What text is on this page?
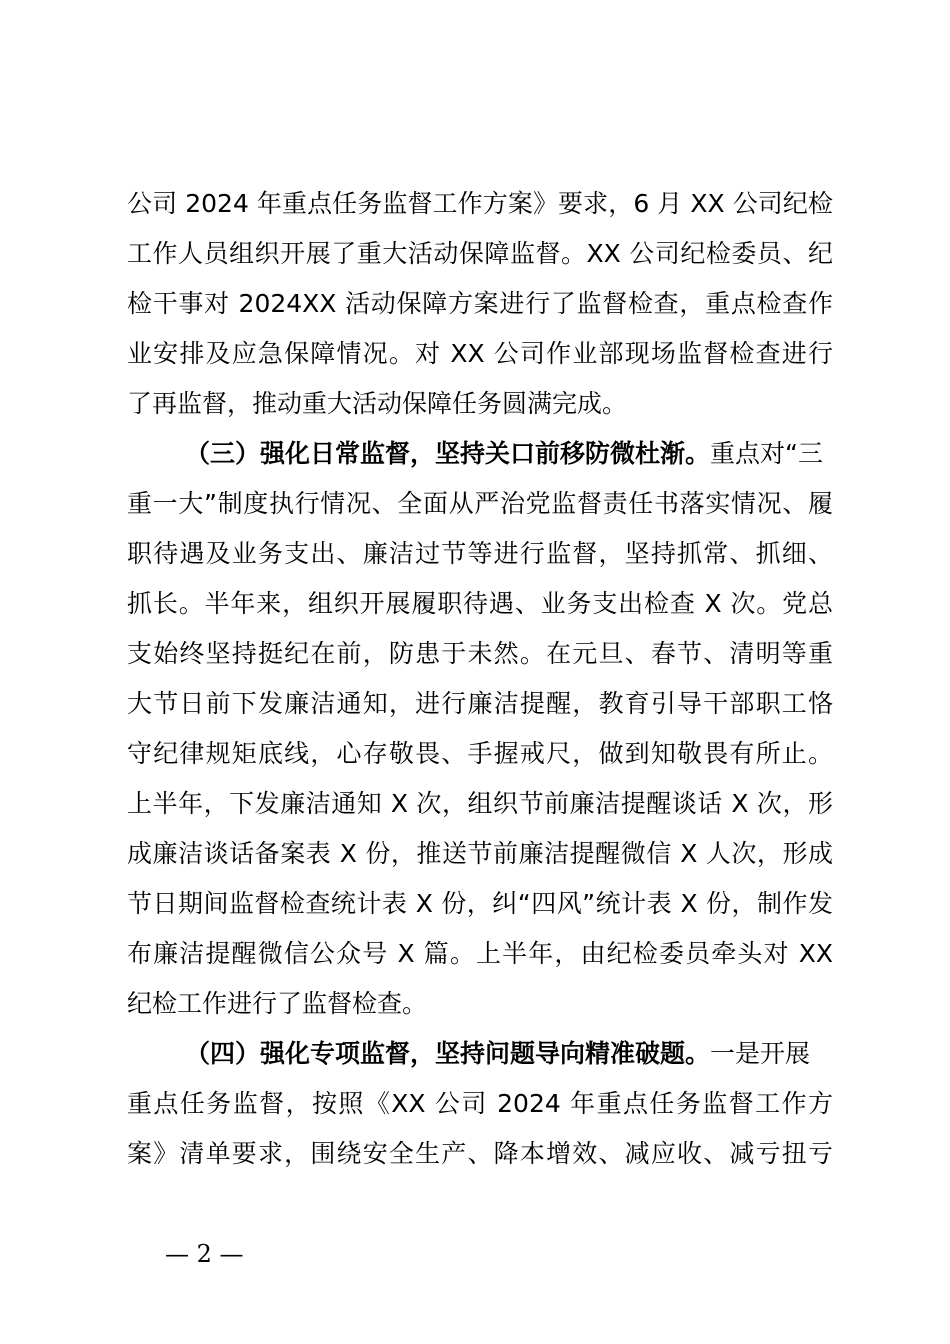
公司 2024 年重点任务监督工作方案》要求，6 月 XX 公司纪检
工作人员组织开展了重大活动保障监督。XX 公司纪检委员、纪
检干事对 2024XX 活动保障方案进行了监督检查，重点检查作
业安排及应急保障情况。对 XX 公司作业部现场监督检查进行
了再监督，推动重大活动保障任务圆满完成。
（三）强化日常监督，坚持关口前移防微杜渐。重点对“三
重一大”制度执行情况、全面从严治党监督责任书落实情况、履
职待遇及业务支出、廉洁过节等进行监督，坚持抓常、抓细、
抓长。半年来，组织开展履职待遇、业务支出检查 X 次。党总
支始终坚持挺纪在前，防患于未然。在元旦、春节、清明等重
大节日前下发廉洁通知，进行廉洁提醒，教育引导干部职工恪
守纪律规矩底线，心存敬畏、手握戒尺，做到知敬畏有所止。
上半年，下发廉洁通知 X 次，组织节前廉洁提醒谈话 X 次，形
成廉洁谈话备案表 X 份，推送节前廉洁提醒微信 X 人次，形成
节日期间监督检查统计表 X 份，纠“四风”统计表 X 份，制作发
布廉洁提醒微信公众号 X 篇。上半年，由纪检委员牵头对 XX
纪检工作进行了监督检查。
（四）强化专项监督，坚持问题导向精准破题。一是开展
重点任务监督，按照《XX 公司 2024 年重点任务监督工作方
案》清单要求，围绕安全生产、降本增效、减应收、减亏扭亏
— 2 —
